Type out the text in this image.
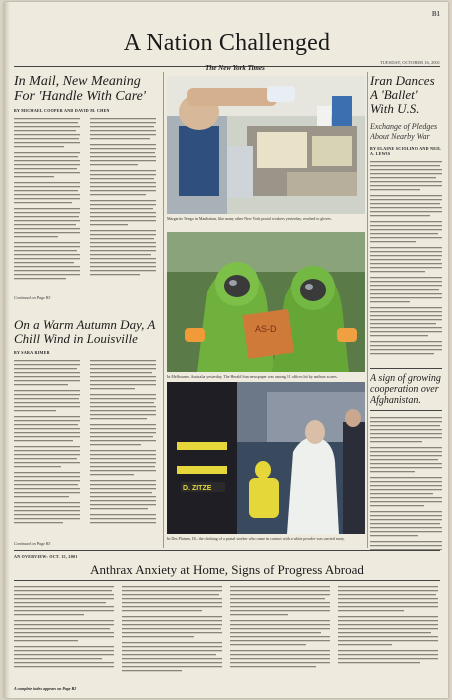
B1
A Nation Challenged
TUESDAY, OCTOBER 16, 2001
In Mail, New Meaning For 'Handle With Care'
BY MICHAEL COOPER AND DAVID M. CHEN

Continued on Page B3
On a Warm Autumn Day, A Chill Wind in Louisville
BY SARA RIMER

Continued on Page B3
The New York Times
Margarito Tengo in Manhattan, like many other New York postal workers yesterday, reached to gloves.
AS-D
In Melbourne, Australia yesterday, The Herald Sun newspaper was among 11 offices hit by anthrax scares.
D. ZITZE
In Des Plaines, Ill., the clothing of a postal worker who came in contact with a white powder was carried away.
Iran Dances A 'Ballet' With U.S.
Exchange of Pledges About Nearby War
BY ELAINE SCIOLINO AND NEIL A. LEWIS
A sign of growing cooperation over Afghanistan.
AN OVERVIEW: OCT. 15, 2001
Anthrax Anxiety at Home, Signs of Progress Abroad
A complete index appears on Page B2
